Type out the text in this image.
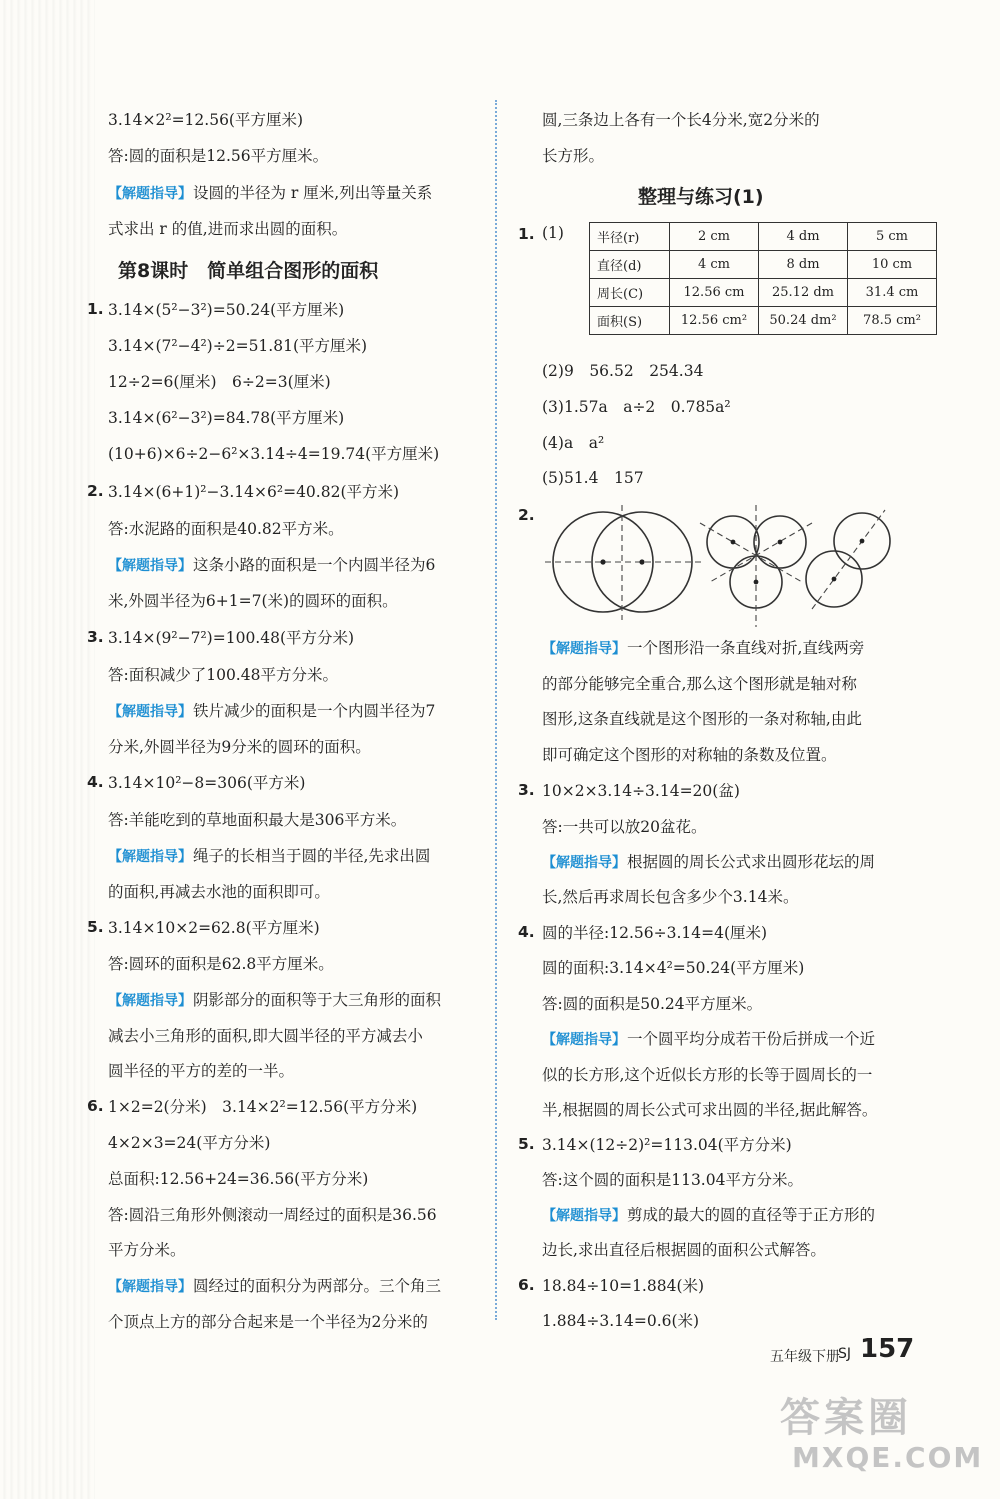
3.14×2²=12.56(平方厘米)
答:圆的面积是12.56平方厘米。
【解题指导】设圆的半径为 r 厘米,列出等量关系
式求出 r 的值,进而求出圆的面积。
第8课时　简单组合图形的面积
1. 3.14×(5²−3²)=50.24(平方厘米)
3.14×(7²−4²)÷2=51.81(平方厘米)
12÷2=6(厘米)　6÷2=3(厘米)
3.14×(6²−3²)=84.78(平方厘米)
(10+6)×6÷2−6²×3.14÷4=19.74(平方厘米)
2. 3.14×(6+1)²−3.14×6²=40.82(平方米)
答:水泥路的面积是40.82平方米。
【解题指导】这条小路的面积是一个内圆半径为6
米,外圆半径为6+1=7(米)的圆环的面积。
3. 3.14×(9²−7²)=100.48(平方分米)
答:面积减少了100.48平方分米。
【解题指导】铁片减少的面积是一个内圆半径为7
分米,外圆半径为9分米的圆环的面积。
4. 3.14×10²−8=306(平方米)
答:羊能吃到的草地面积最大是306平方米。
【解题指导】绳子的长相当于圆的半径,先求出圆
的面积,再减去水池的面积即可。
5. 3.14×10×2=62.8(平方厘米)
答:圆环的面积是62.8平方厘米。
【解题指导】阴影部分的面积等于大三角形的面积
减去小三角形的面积,即大圆半径的平方减去小
圆半径的平方的差的一半。
6. 1×2=2(分米)　3.14×2²=12.56(平方分米)
4×2×3=24(平方分米)
总面积:12.56+24=36.56(平方分米)
答:圆沿三角形外侧滚动一周经过的面积是36.56
平方分米。
【解题指导】圆经过的面积分为两部分。三个角三
个顶点上方的部分合起来是一个半径为2分米的
圆,三条边上各有一个长4分米,宽2分米的
长方形。
整理与练习(1)
1. (1)	半径(r)	2 cm	4 dm	5 cm
直径(d)	4 cm	8 dm	10 cm
周长(C)	12.56 cm	25.12 dm	31.4 cm
面积(S)	12.56 cm²	50.24 dm²	78.5 cm²
(2)9　56.52　254.34
(3)1.57a　a÷2　0.785a²
(4)a　a²
(5)51.4　157
2.
【解题指导】一个图形沿一条直线对折,直线两旁
的部分能够完全重合,那么这个图形就是轴对称
图形,这条直线就是这个图形的一条对称轴,由此
即可确定这个图形的对称轴的条数及位置。
3. 10×2×3.14÷3.14=20(盆)
答:一共可以放20盆花。
【解题指导】根据圆的周长公式求出圆形花坛的周
长,然后再求周长包含多少个3.14米。
4. 圆的半径:12.56÷3.14=4(厘米)
圆的面积:3.14×4²=50.24(平方厘米)
答:圆的面积是50.24平方厘米。
【解题指导】一个圆平均分成若干份后拼成一个近
似的长方形,这个近似长方形的长等于圆周长的一
半,根据圆的周长公式可求出圆的半径,据此解答。
5. 3.14×(12÷2)²=113.04(平方分米)
答:这个圆的面积是113.04平方分米。
【解题指导】剪成的最大的圆的直径等于正方形的
边长,求出直径后根据圆的面积公式解答。
6. 18.84÷10=1.884(米)
1.884÷3.14=0.6(米)
五年级下册
SJ 157
答案圈
MXQE.COM
